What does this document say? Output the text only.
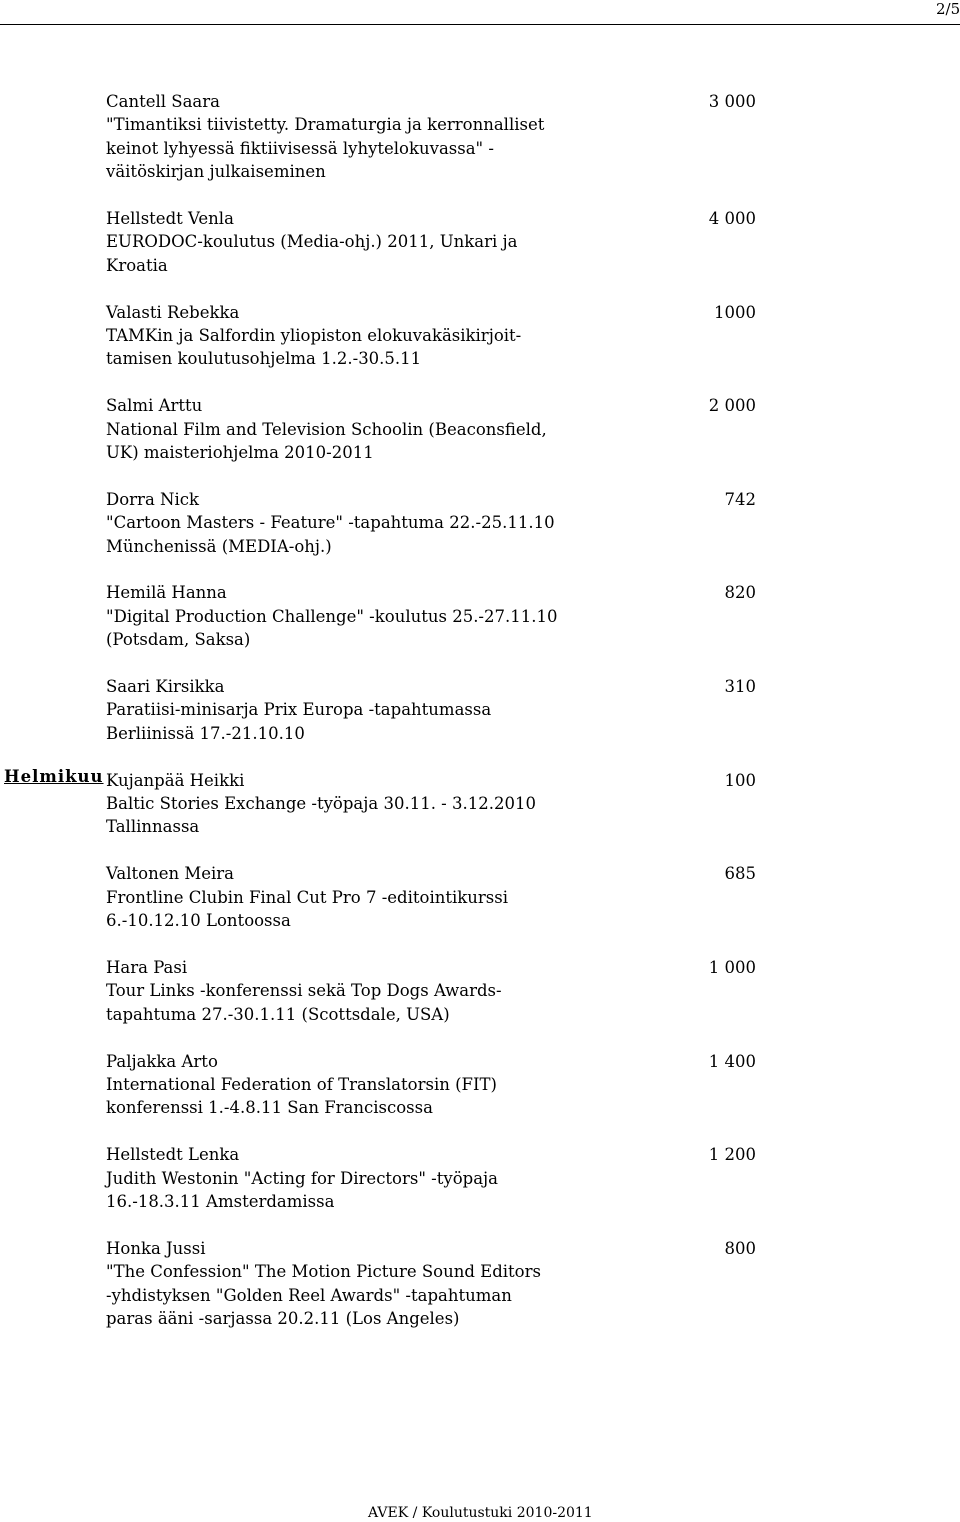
2/5
Cantell Saara	3 000
"Timantiksi tiivistetty. Dramaturgia ja kerronnalliset
keinot lyhyessä fiktiivisessä lyhytelokuvassa" -
väitöskirjan julkaiseminen
Hellstedt Venla	4 000
EURODOC-koulutus (Media-ohj.) 2011, Unkari ja
Kroatia
Valasti Rebekka	1000
TAMKin ja Salfordin yliopiston elokuvakäsikirjoit-
tamisen koulutusohjelma 1.2.-30.5.11
Salmi Arttu	2 000
National Film and Television Schoolin (Beaconsfield,
UK) maisteriohjelma 2010-2011
Dorra Nick	742
"Cartoon Masters - Feature" -tapahtuma 22.-25.11.10
Münchenissä (MEDIA-ohj.)
Hemilä Hanna	820
"Digital Production Challenge" -koulutus 25.-27.11.10
(Potsdam, Saksa)
Saari Kirsikka	310
Paratiisi-minisarja Prix Europa -tapahtumassa
Berliinissä 17.-21.10.10
Helmikuu Kujanpää Heikki	100
Baltic Stories Exchange -työpaja 30.11. - 3.12.2010
Tallinnassa
Valtonen Meira	685
Frontline Clubin Final Cut Pro 7 -editointikurssi
6.-10.12.10 Lontoossa
Hara Pasi	1 000
Tour Links -konferenssi sekä Top Dogs Awards-
tapahtuma 27.-30.1.11 (Scottsdale, USA)
Paljakka Arto	1 400
International Federation of Translatorsin (FIT)
konferenssi 1.-4.8.11 San Franciscossa
Hellstedt Lenka	1 200
Judith Westonin "Acting for Directors" -työpaja
16.-18.3.11 Amsterdamissa
Honka Jussi	800
"The Confession" The Motion Picture Sound Editors
-yhdistyksen "Golden Reel Awards" -tapahtuman
paras ääni -sarjassa 20.2.11 (Los Angeles)
AVEK / Koulutustuki 2010-2011
